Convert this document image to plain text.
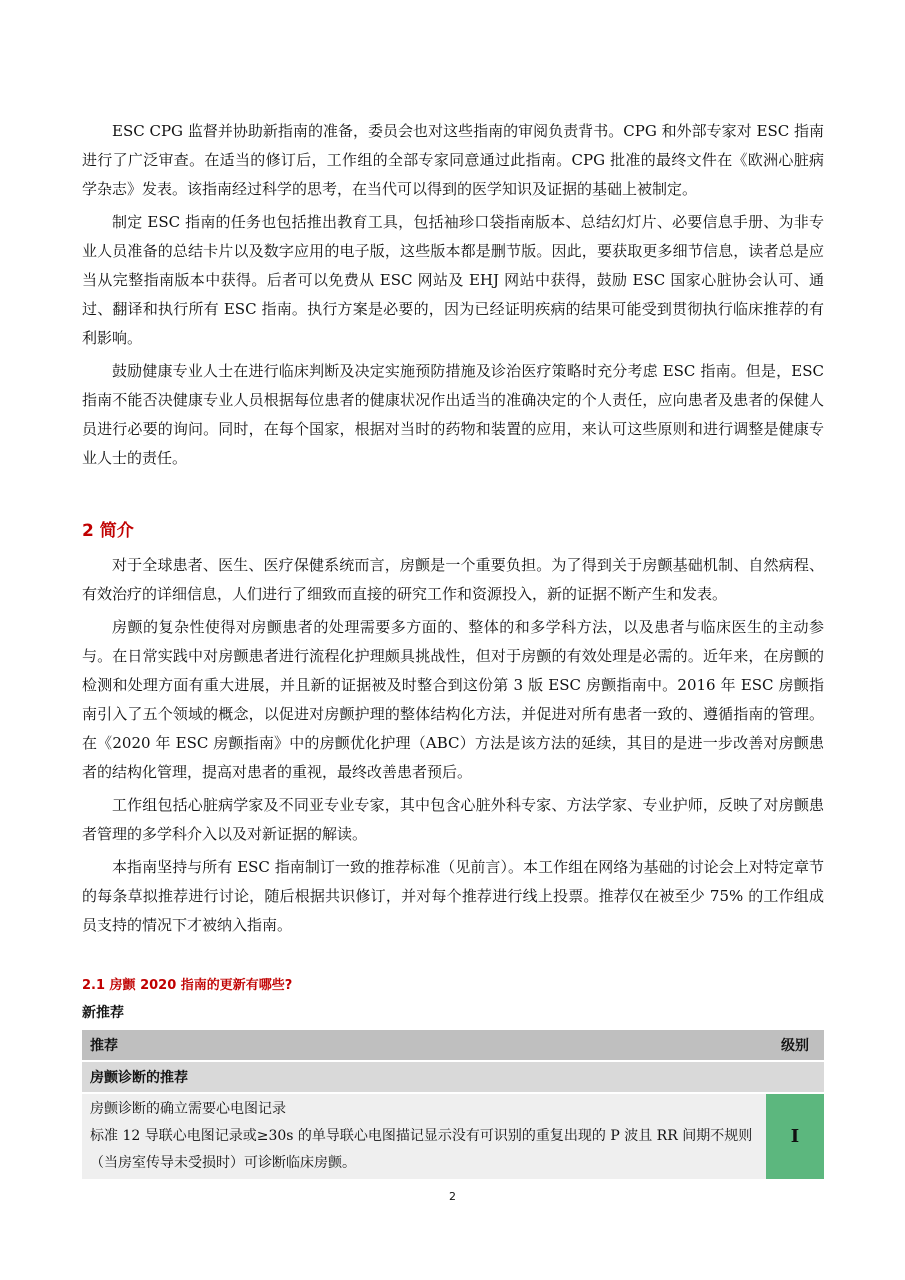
ESC CPG 监督并协助新指南的准备，委员会也对这些指南的审阅负责背书。CPG 和外部专家对 ESC 指南进行了广泛审查。在适当的修订后，工作组的全部专家同意通过此指南。CPG 批准的最终文件在《欧洲心脏病学杂志》发表。该指南经过科学的思考，在当代可以得到的医学知识及证据的基础上被制定。

制定 ESC 指南的任务也包括推出教育工具，包括袖珍口袋指南版本、总结幻灯片、必要信息手册、为非专业人员准备的总结卡片以及数字应用的电子版，这些版本都是删节版。因此，要获取更多细节信息，读者总是应当从完整指南版本中获得。后者可以免费从 ESC 网站及 EHJ 网站中获得，鼓励 ESC 国家心脏协会认可、通过、翻译和执行所有 ESC 指南。执行方案是必要的，因为已经证明疾病的结果可能受到贯彻执行临床推荐的有利影响。

鼓励健康专业人士在进行临床判断及决定实施预防措施及诊治医疗策略时充分考虑 ESC 指南。但是，ESC 指南不能否决健康专业人员根据每位患者的健康状况作出适当的准确决定的个人责任，应向患者及患者的保健人员进行必要的询问。同时，在每个国家，根据对当时的药物和装置的应用，来认可这些原则和进行调整是健康专业人士的责任。

2 简介

对于全球患者、医生、医疗保健系统而言，房颤是一个重要负担。为了得到关于房颤基础机制、自然病程、有效治疗的详细信息，人们进行了细致而直接的研究工作和资源投入，新的证据不断产生和发表。

房颤的复杂性使得对房颤患者的处理需要多方面的、整体的和多学科方法，以及患者与临床医生的主动参与。在日常实践中对房颤患者进行流程化护理颇具挑战性，但对于房颤的有效处理是必需的。近年来，在房颤的检测和处理方面有重大进展，并且新的证据被及时整合到这份第 3 版 ESC 房颤指南中。2016 年 ESC 房颤指南引入了五个领域的概念，以促进对房颤护理的整体结构化方法，并促进对所有患者一致的、遵循指南的管理。在《2020 年 ESC 房颤指南》中的房颤优化护理（ABC）方法是该方法的延续，其目的是进一步改善对房颤患者的结构化管理，提高对患者的重视，最终改善患者预后。

工作组包括心脏病学家及不同亚专业专家，其中包含心脏外科专家、方法学家、专业护师，反映了对房颤患者管理的多学科介入以及对新证据的解读。

本指南坚持与所有 ESC 指南制订一致的推荐标准（见前言）。本工作组在网络为基础的讨论会上对特定章节的每条草拟推荐进行讨论，随后根据共识修订，并对每个推荐进行线上投票。推荐仅在被至少 75% 的工作组成员支持的情况下才被纳入指南。

2.1 房颤 2020 指南的更新有哪些?
新推荐
推荐	级别
房颤诊断的推荐	

房颤诊断的确立需要心电图记录
标准 12 导联心电图记录或≥30s 的单导联心电图描记显示没有可识别的重复出现的 P 波且 RR 间期不规则（当房室传导未受损时）可诊断临床房颤。	I
2
